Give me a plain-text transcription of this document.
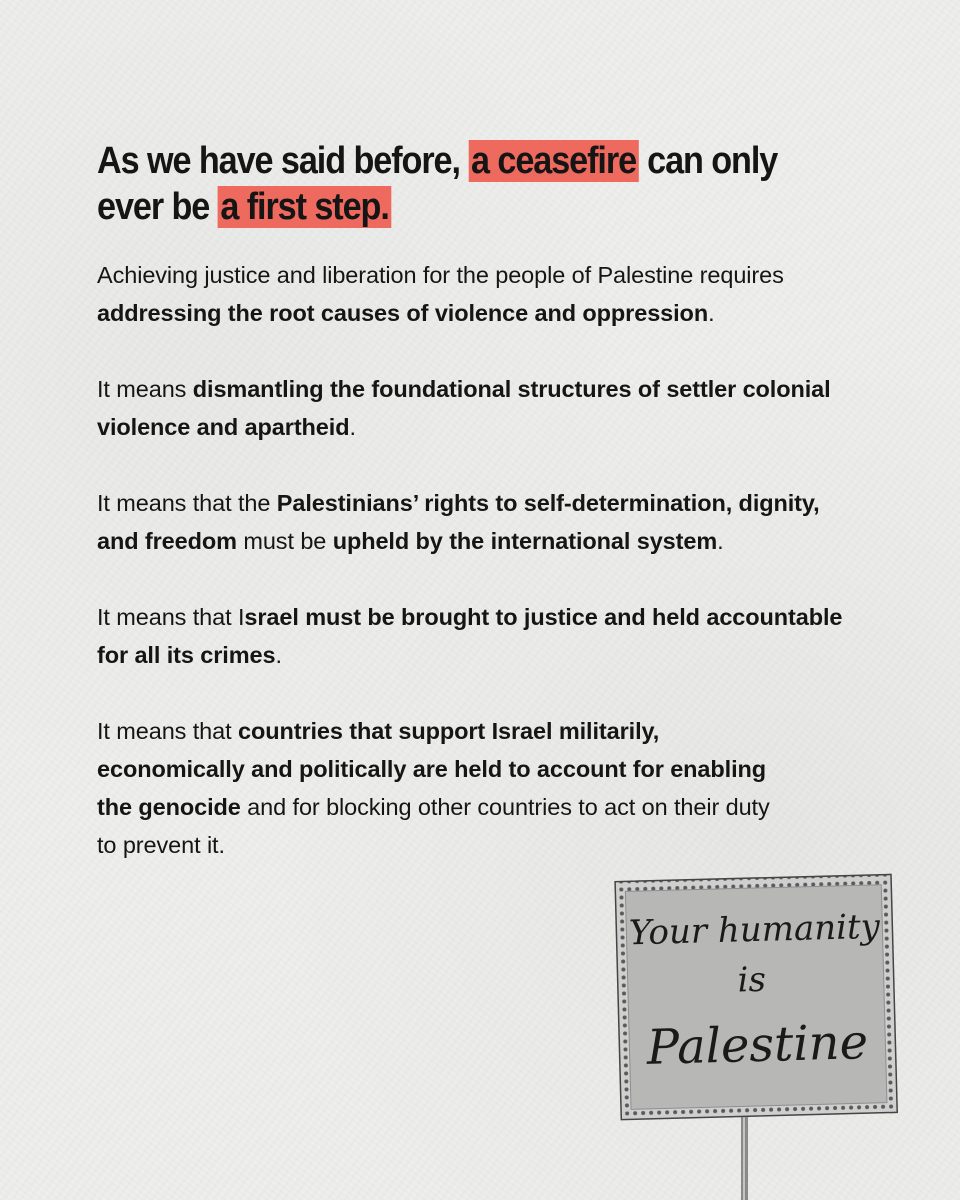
As we have said before, a ceasefire can only ever be a first step.

Achieving justice and liberation for the people of Palestine requires addressing the root causes of violence and oppression.

It means dismantling the foundational structures of settler colonial violence and apartheid.

It means that the Palestinians’ rights to self-determination, dignity, and freedom must be upheld by the international system.

It means that Israel must be brought to justice and held accountable for all its crimes.

It means that countries that support Israel militarily, economically and politically are held to account for enabling the genocide and for blocking other countries to act on their duty to prevent it.

Your humanity
is
Palestine
